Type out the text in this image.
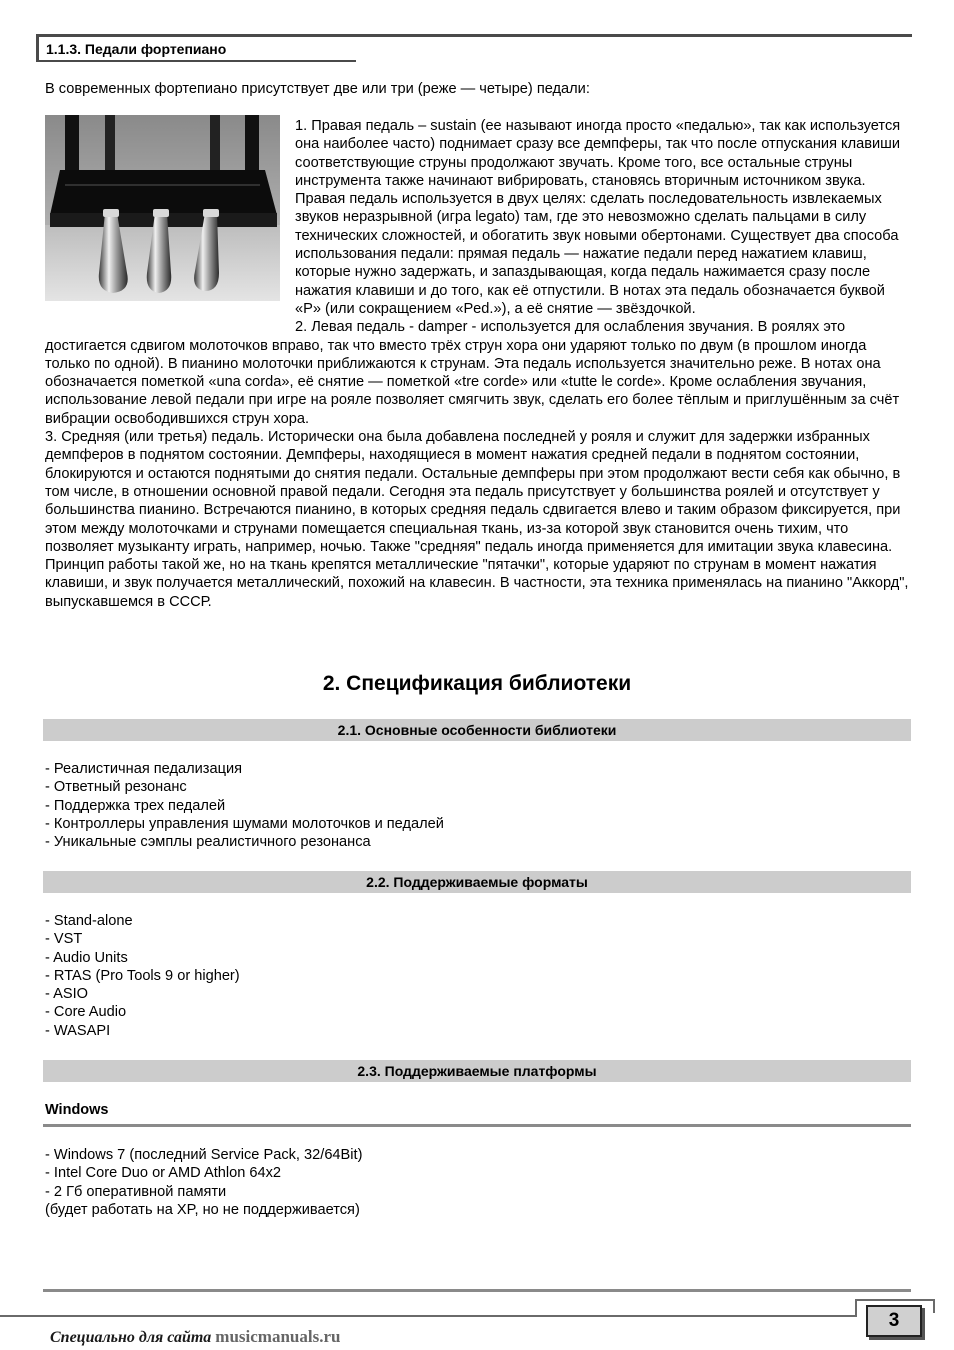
1.1.3. Педали фортепиано
В современных фортепиано присутствует две или три (реже — четыре) педали:

1. Правая педаль – sustain (ее называют иногда просто «педалью», так как используется она наиболее часто) поднимает сразу все демпферы, так что после отпускания клавиши соответствующие струны продолжают звучать. Кроме того, все остальные струны инструмента также начинают вибрировать, становясь вторичным источником звука. Правая педаль используется в двух целях: сделать последовательность извлекаемых звуков неразрывной (игра legato) там, где это невозможно сделать пальцами в силу технических сложностей, и обогатить звук новыми обертонами. Существует два способа использования педали: прямая педаль — нажатие педали перед нажатием клавиш, которые нужно задержать, и запаздывающая, когда педаль нажимается сразу после нажатия клавиши и до того, как её отпустили. В нотах эта педаль обозначается буквой «P» (или сокращением «Ped.»), а её снятие — звёздочкой.

2. Левая педаль - damper - используется для ослабления звучания. В роялях это достигается сдвигом молоточков вправо, так что вместо трёх струн хора они ударяют только по двум (в прошлом иногда только по одной). В пианино молоточки приближаются к струнам. Эта педаль используется значительно реже. В нотах она обозначается пометкой «una corda», её снятие — пометкой «tre corde» или «tutte le corde». Кроме ослабления звучания, использование левой педали при игре на рояле позволяет смягчить звук, сделать его более тёплым и приглушённым за счёт вибрации освободившихся струн хора.

3. Средняя (или третья) педаль. Исторически она была добавлена последней у рояля и служит для задержки избранных демпферов в поднятом состоянии. Демпферы, находящиеся в момент нажатия средней педали в поднятом состоянии, блокируются и остаются поднятыми до снятия педали. Остальные демпферы при этом продолжают вести себя как обычно, в том числе, в отношении основной правой педали. Сегодня эта педаль присутствует у большинства роялей и отсутствует у большинства пианино. Встречаются пианино, в которых средняя педаль сдвигается влево и таким образом фиксируется, при этом между молоточками и струнами помещается специальная ткань, из-за которой звук становится очень тихим, что позволяет музыканту играть, например, ночью. Также "средняя" педаль иногда применяется для имитации звука клавесина. Принцип работы такой же, но на ткань крепятся металлические "пятачки", которые ударяют по струнам в момент нажатия клавиши, и звук получается металлический, похожий на клавесин. В частности, эта техника применялась на пианино "Аккорд", выпускавшемся в СССР.

2. Спецификация библиотеки
2.1. Основные особенности библиотеки
- Реалистичная педализация
- Ответный резонанс
- Поддержка трех педалей
- Контроллеры управления шумами молоточков и педалей
- Уникальные сэмплы реалистичного резонанса
2.2. Поддерживаемые форматы
- Stand-alone
- VST
- Audio Units
- RTAS (Pro Tools 9 or higher)
- ASIO
- Core Audio
- WASAPI
2.3. Поддерживаемые платформы
Windows
- Windows 7 (последний Service Pack, 32/64Bit)
- Intel Core Duo or AMD Athlon 64x2
- 2 Гб оперативной памяти
(будет работать на XP, но не поддерживается)
3
Специально для сайта musicmanuals.ru
